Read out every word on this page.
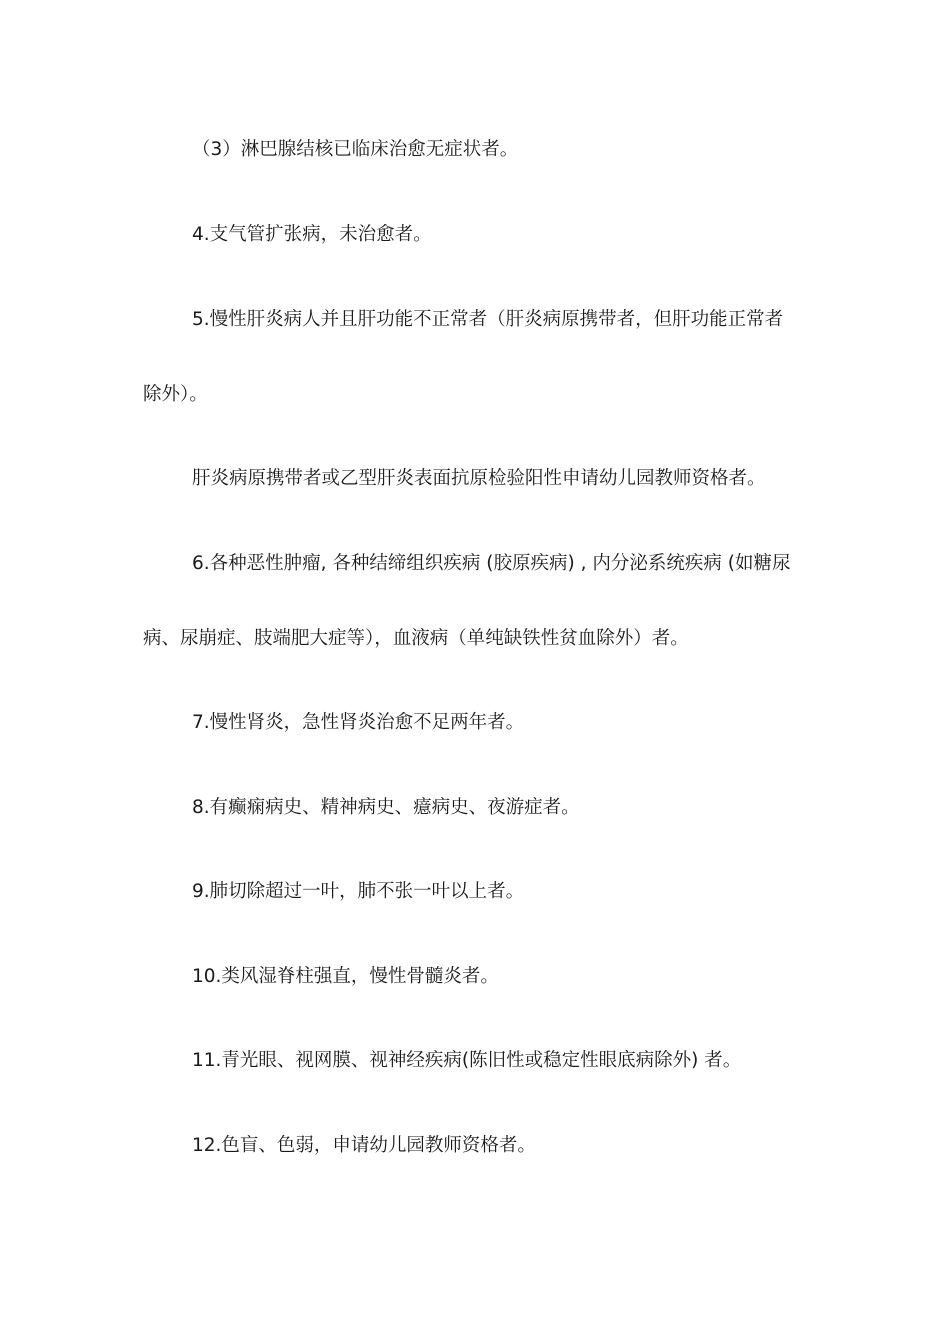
（3）淋巴腺结核已临床治愈无症状者。
4.支气管扩张病，未治愈者。
5.慢性肝炎病人并且肝功能不正常者（肝炎病原携带者，但肝功能正常者
除外）。
肝炎病原携带者或乙型肝炎表面抗原检验阳性申请幼儿园教师资格者。
6.各种恶性肿瘤, 各种结缔组织疾病 (胶原疾病) , 内分泌系统疾病 (如糖尿
病、尿崩症、肢端肥大症等），血液病（单纯缺铁性贫血除外）者。
7.慢性肾炎，急性肾炎治愈不足两年者。
8.有癫痫病史、精神病史、癔病史、夜游症者。
9.肺切除超过一叶，肺不张一叶以上者。
10.类风湿脊柱强直，慢性骨髓炎者。
11.青光眼、视网膜、视神经疾病(陈旧性或稳定性眼底病除外) 者。
12.色盲、色弱，申请幼儿园教师资格者。
